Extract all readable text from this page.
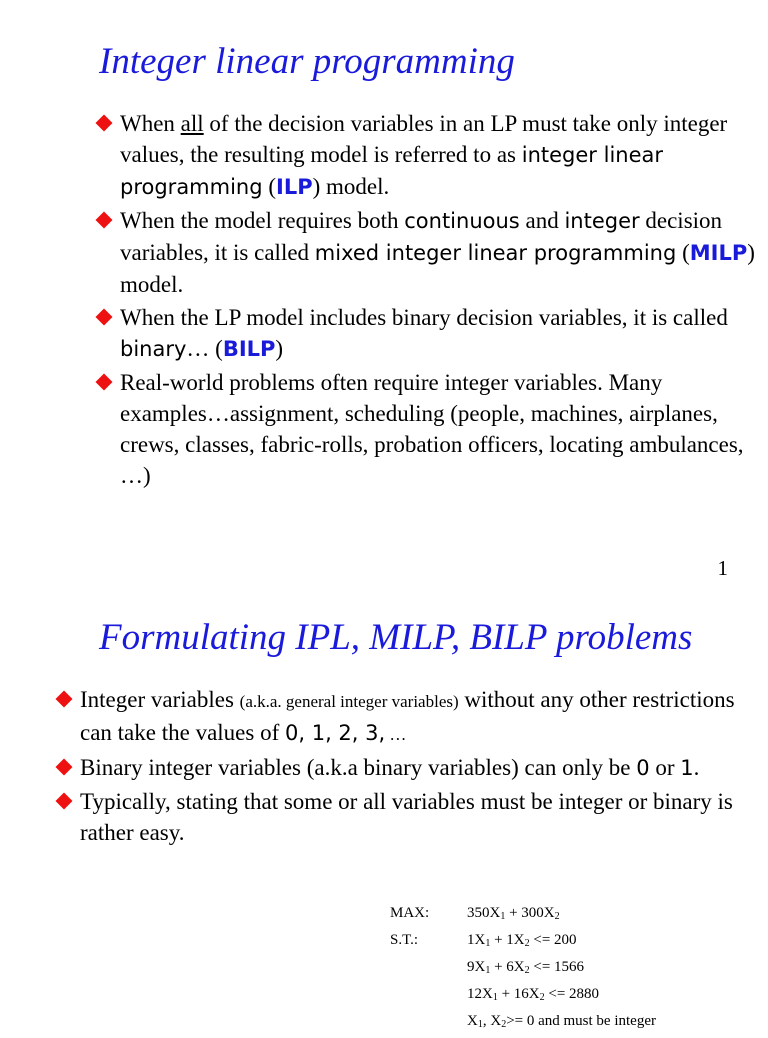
Integer linear programming
When all of the decision variables in an LP must take only integer values, the resulting model is referred to as integer linear programming (ILP) model.
When the model requires both continuous and integer decision variables, it is called mixed integer linear programming (MILP) model.
When the LP model includes binary decision variables, it is called binary… (BILP)
Real-world problems often require integer variables. Many examples…assignment, scheduling (people, machines, airplanes, crews, classes, fabric-rolls, probation officers, locating ambulances, …)
1
Formulating IPL, MILP, BILP problems
Integer variables (a.k.a. general integer variables) without any other restrictions can take the values of 0, 1, 2, 3, …
Binary integer variables (a.k.a binary variables) can only be 0 or 1.
Typically, stating that some or all variables must be integer or binary is rather easy.
MAX:	$350X_1 + 300X_2$
S.T.:	$1X_1 + 1X_2 <= 200$
$9X_1 + 6X_2 <= 1566$
$12X_1 + 16X_2 <= 2880$
$X_1$, $X_2>= 0$ and must be integer
